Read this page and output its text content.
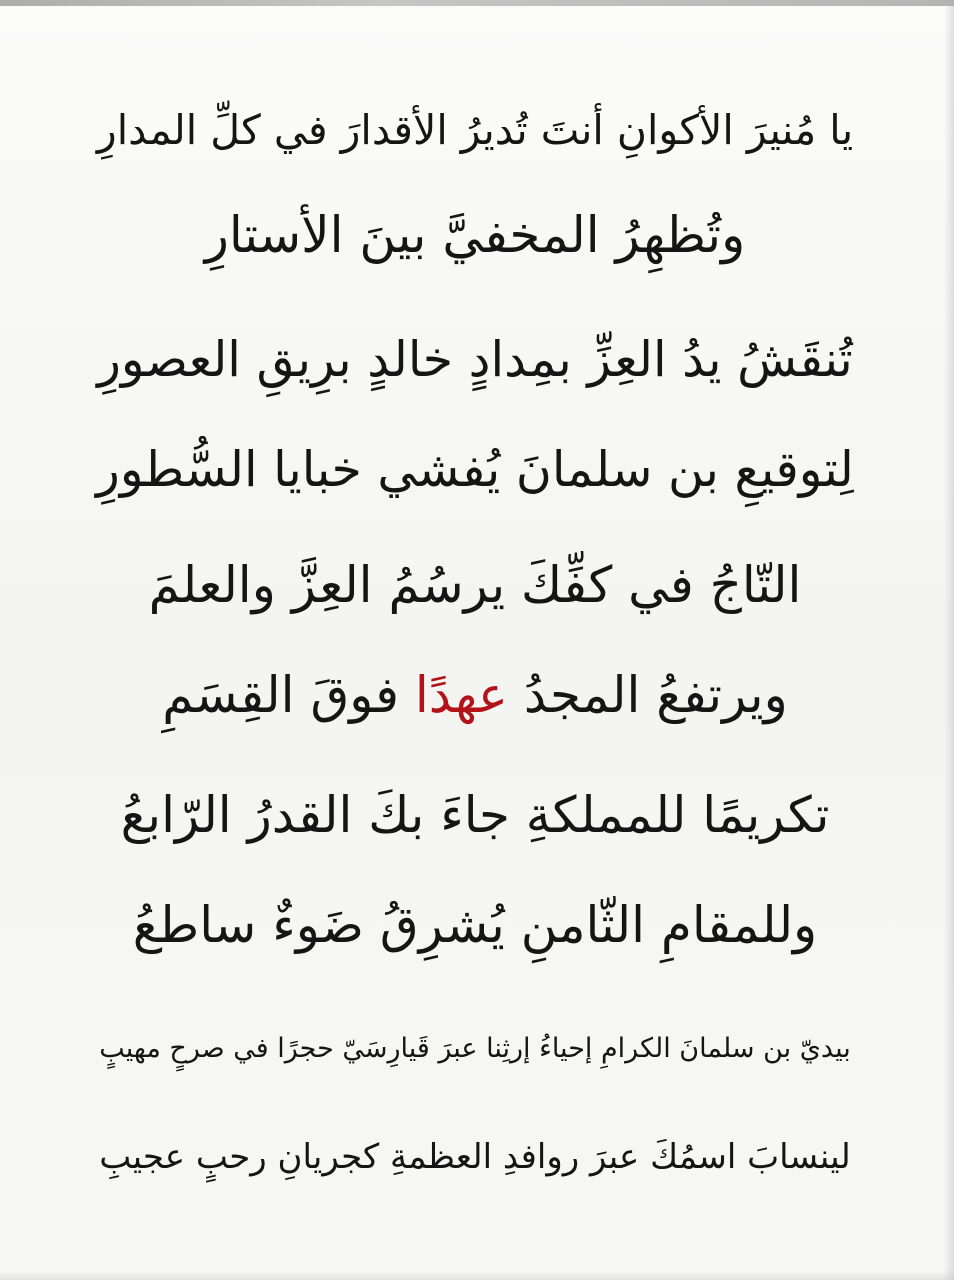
يا مُنيرَ الأكوانِ أنتَ تُديرُ الأقدارَ في كلِّ المدارِ
وتُظهِرُ المخفيَّ بينَ الأستارِ
تُنقَشُ يدُ العِزِّ بمِدادٍ خالدٍ برِيقِ العصورِ
لِتوقيعِ بن سلمانَ يُفشي خبايا السُّطورِ
التّاجُ في كفِّكَ يرسُمُ العِزَّ والعلمَ
ويرتفعُ المجدُ عهدًا فوقَ القِسَمِ
تكريمًا للمملكةِ جاءَ بكَ القدرُ الرّابعُ
وللمقامِ الثّامنِ يُشرِقُ ضَوءٌ ساطعُ
بيديّ بن سلمانَ الكرامِ إحياءُ إرثِنا عبرَ قَيارِسَيّ حجرًا في صرحٍ مهيبٍ
لينسابَ اسمُكَ عبرَ روافدِ العظمةِ كجريانِ رحبٍ عجيبِ
